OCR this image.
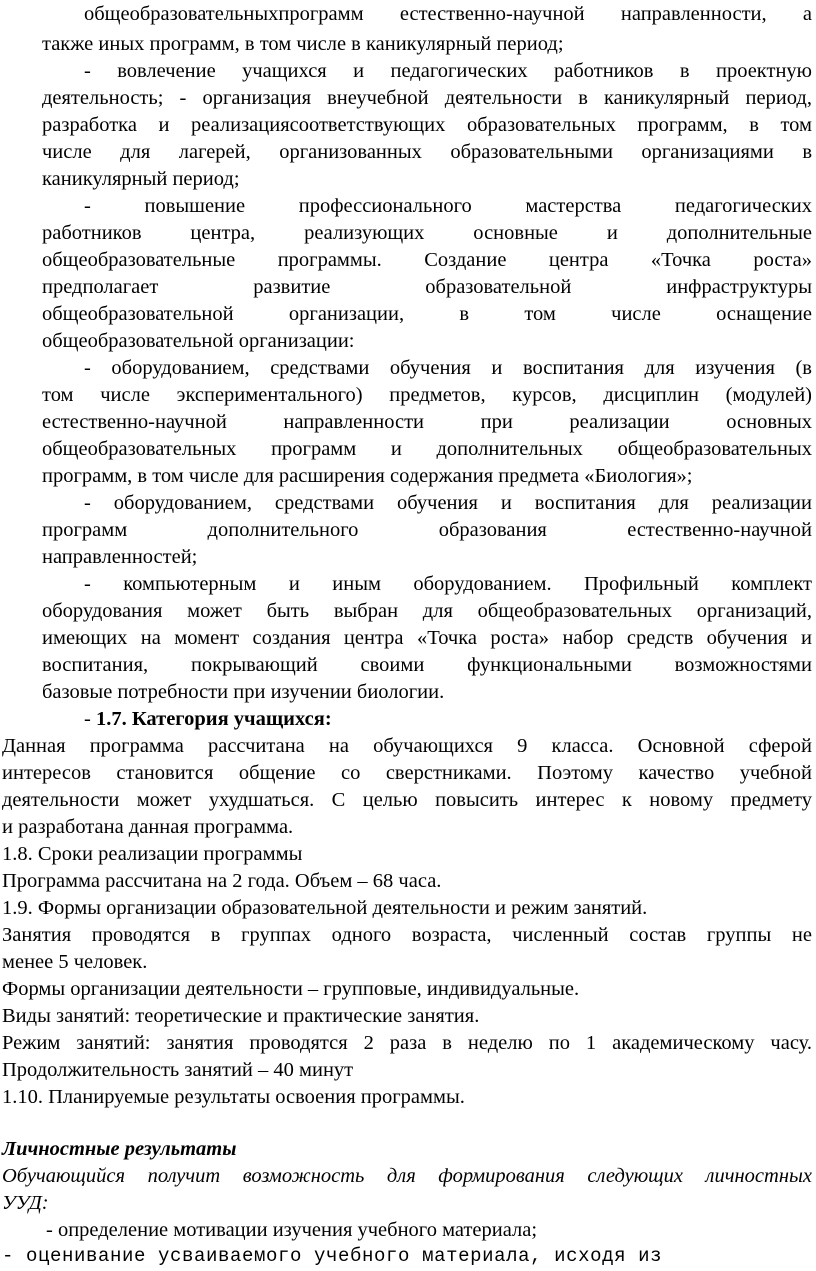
общеобразовательныхпрограмм естественно-научной направленности, а
также иных программ, в том числе в каникулярный период;
- вовлечение учащихся и педагогических работников в проектную
деятельность; - организация внеучебной деятельности в каникулярный период,
разработка и реализациясоответствующих образовательных программ, в том
числе для лагерей, организованных образовательными организациями в
каникулярный период;
- повышение профессионального мастерства педагогических
работников центра, реализующих основные и дополнительные
общеобразовательные программы. Создание центра «Точка роста»
предполагает развитие образовательной инфраструктуры
общеобразовательной организации, в том числе оснащение
общеобразовательной организации:
- оборудованием, средствами обучения и воспитания для изучения (в
том числе экспериментального) предметов, курсов, дисциплин (модулей)
естественно-научной направленности при реализации основных
общеобразовательных программ и дополнительных общеобразовательных
программ, в том числе для расширения содержания предмета «Биология»;
- оборудованием, средствами обучения и воспитания для реализации
программ дополнительного образования естественно-научной
направленностей;
- компьютерным и иным оборудованием. Профильный комплект
оборудования может быть выбран для общеобразовательных организаций,
имеющих на момент создания центра «Точка роста» набор средств обучения и
воспитания, покрывающий своими функциональными возможностями
базовые потребности при изучении биологии.
- 1.7. Категория учащихся:
Данная программа рассчитана на обучающихся 9 класса. Основной сферой
интересов становится общение со сверстниками. Поэтому качество учебной
деятельности может ухудшаться. С целью повысить интерес к новому предмету
и разработана данная программа.
1.8. Сроки реализации программы
Программа рассчитана на 2 года. Объем – 68 часа.
1.9. Формы организации образовательной деятельности и режим занятий.
Занятия проводятся в группах одного возраста, численный состав группы не
менее 5 человек.
Формы организации деятельности – групповые, индивидуальные.
Виды занятий: теоретические и практические занятия.
Режим занятий: занятия проводятся 2 раза в неделю по 1 академическому часу.
Продолжительность занятий – 40 минут
1.10. Планируемые результаты освоения программы.
Личностные результаты
Обучающийся получит возможность для формирования следующих личностных
УУД:
- определение мотивации изучения учебного материала;
- оценивание усваиваемого учебного материала, исходя из
